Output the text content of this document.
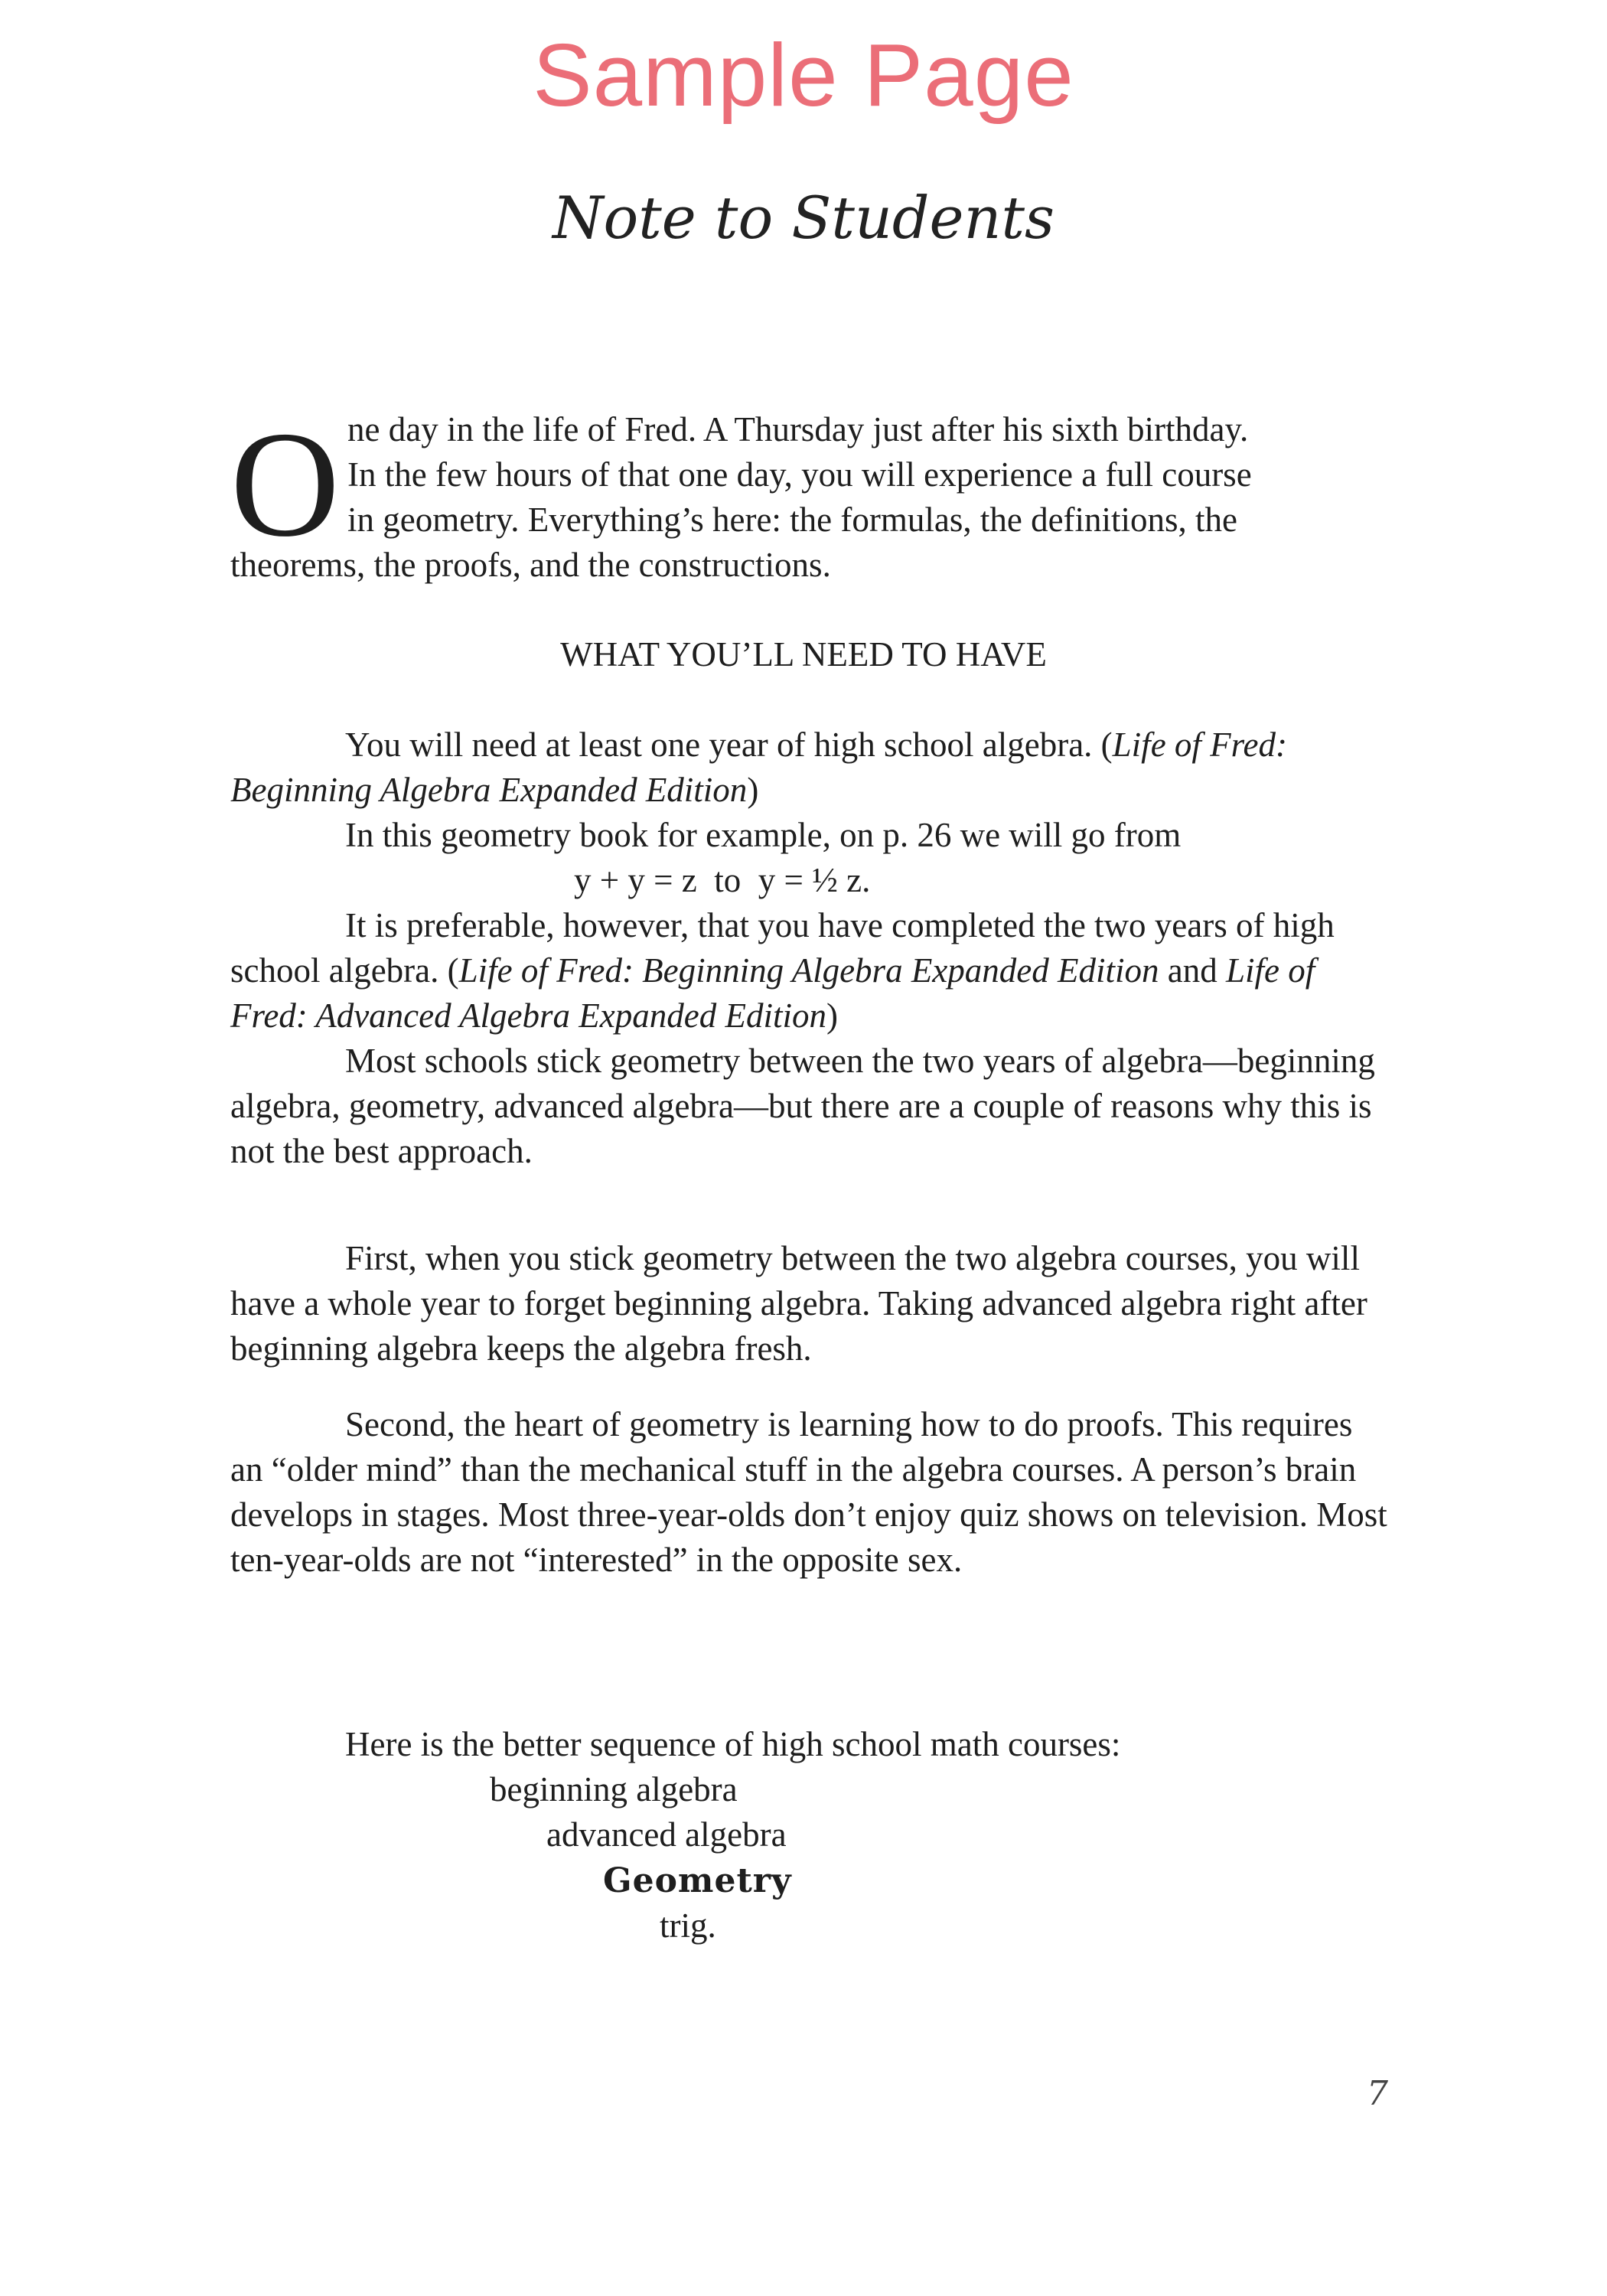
Sample Page
Note to Students
O ne day in the life of Fred. A Thursday just after his sixth birthday.
In the few hours of that one day, you will experience a full course
in geometry. Everything’s here: the formulas, the definitions, the
theorems, the proofs, and the constructions.
WHAT YOU’LL NEED TO HAVE

You will need at least one year of high school algebra. (Life of Fred: Beginning Algebra Expanded Edition)

In this geometry book for example, on p. 26 we will go from

y + y = z  to  y = ½ z.

It is preferable, however, that you have completed the two years of high school algebra. (Life of Fred: Beginning Algebra Expanded Edition and Life of Fred: Advanced Algebra Expanded Edition)

Most schools stick geometry between the two years of algebra—beginning algebra, geometry, advanced algebra—but there are a couple of reasons why this is not the best approach.

First, when you stick geometry between the two algebra courses, you will have a whole year to forget beginning algebra. Taking advanced algebra right after beginning algebra keeps the algebra fresh.

Second, the heart of geometry is learning how to do proofs. This requires an “older mind” than the mechanical stuff in the algebra courses. A person’s brain develops in stages. Most three-year-olds don’t enjoy quiz shows on television. Most ten-year-olds are not “interested” in the opposite sex.

Here is the better sequence of high school math courses:

beginning algebra
advanced algebra
Geometry
trig.
7
